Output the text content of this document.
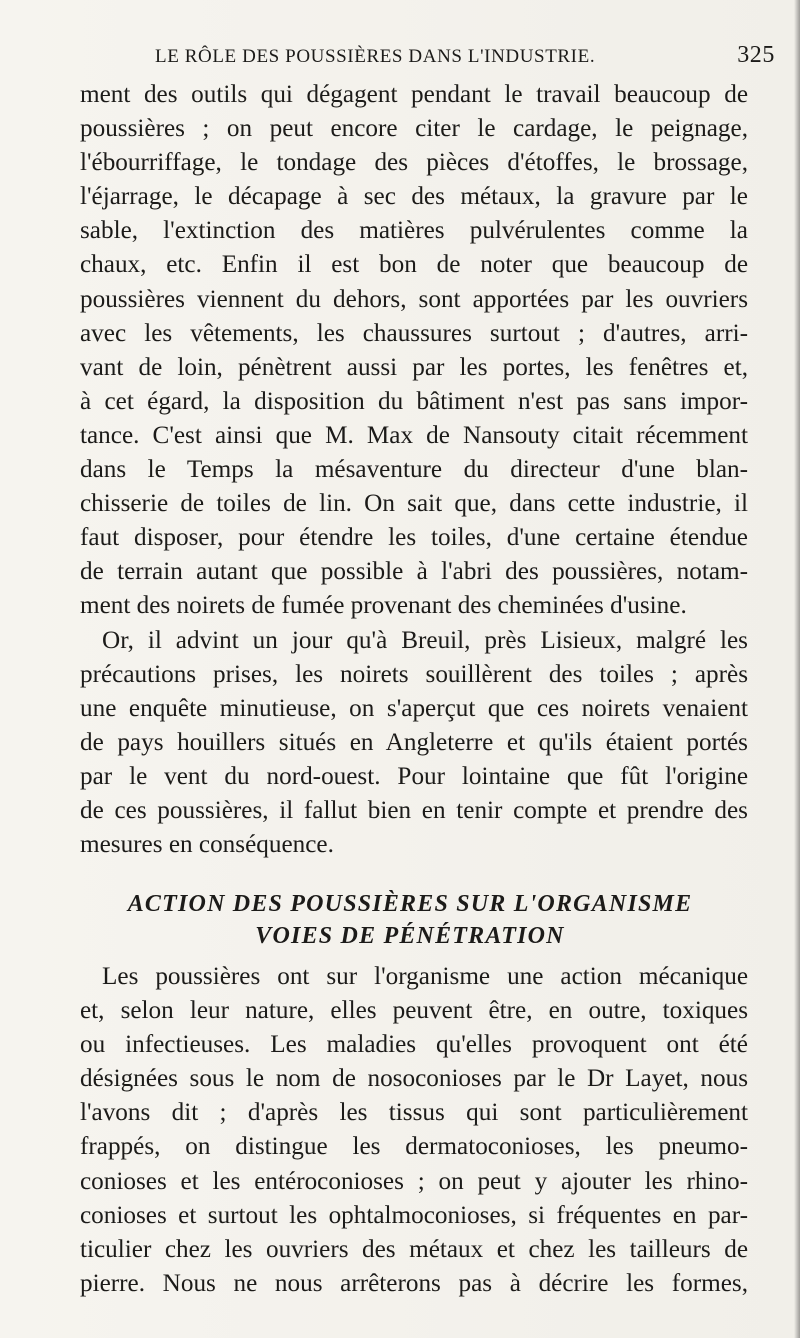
LE RÔLE DES POUSSIÈRES DANS L'INDUSTRIE.	325
ment des outils qui dégagent pendant le travail beaucoup de
poussières ; on peut encore citer le cardage, le peignage,
l'ébourriffage, le tondage des pièces d'étoffes, le brossage,
l'éjarrage, le décapage à sec des métaux, la gravure par le
sable, l'extinction des matières pulvérulentes comme la
chaux, etc. Enfin il est bon de noter que beaucoup de
poussières viennent du dehors, sont apportées par les ouvriers
avec les vêtements, les chaussures surtout ; d'autres, arri-
vant de loin, pénètrent aussi par les portes, les fenêtres et,
à cet égard, la disposition du bâtiment n'est pas sans impor-
tance. C'est ainsi que M. Max de Nansouty citait récemment
dans le Temps la mésaventure du directeur d'une blan-
chisserie de toiles de lin. On sait que, dans cette industrie, il
faut disposer, pour étendre les toiles, d'une certaine étendue
de terrain autant que possible à l'abri des poussières, notam-
ment des noirets de fumée provenant des cheminées d'usine.
Or, il advint un jour qu'à Breuil, près Lisieux, malgré les
précautions prises, les noirets souillèrent des toiles ; après
une enquête minutieuse, on s'aperçut que ces noirets venaient
de pays houillers situés en Angleterre et qu'ils étaient portés
par le vent du nord-ouest. Pour lointaine que fût l'origine
de ces poussières, il fallut bien en tenir compte et prendre des
mesures en conséquence.
ACTION DES POUSSIÈRES SUR L'ORGANISME
VOIES DE PÉNÉTRATION
Les poussières ont sur l'organisme une action mécanique
et, selon leur nature, elles peuvent être, en outre, toxiques
ou infectieuses. Les maladies qu'elles provoquent ont été
désignées sous le nom de nosoconioses par le Dr Layet, nous
l'avons dit ; d'après les tissus qui sont particulièrement
frappés, on distingue les dermatoconioses, les pneumo-
conioses et les entéroconioses ; on peut y ajouter les rhino-
conioses et surtout les ophtalmoconioses, si fréquentes en par-
ticulier chez les ouvriers des métaux et chez les tailleurs de
pierre. Nous ne nous arrêterons pas à décrire les formes,
